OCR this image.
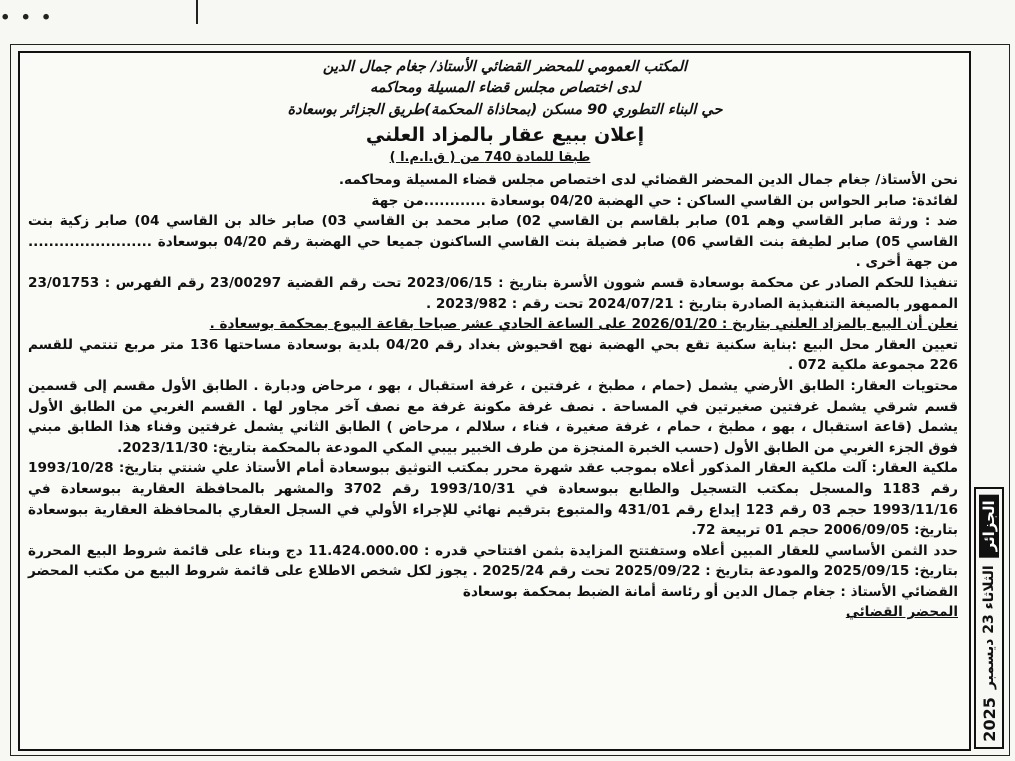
...
المكتب العمومي للمحضر القضائي الأستاذ/ جغام جمال الدين
لدى اختصاص مجلس قضاء المسيلة ومحاكمه
حي البناء التطوري 90 مسكن (بمحاذاة المحكمة)طريق الجزائر بوسعادة
إعلان ببيع عقار بالمزاد العلني
طبقا للمادة 740 من ( ق.ا.م.ا )

نحن الأستاذ/ جغام جمال الدين المحضر القضائي لدى اختصاص مجلس قضاء المسيلة ومحاكمه.

لفائدة: صابر الحواس بن القاسي الساكن : حي الهضبة 04/20 بوسعادة ............من جهة

ضد : ورثة صابر القاسي وهم 01) صابر بلقاسم بن القاسي 02) صابر محمد بن القاسي 03) صابر خالد بن القاسي 04) صابر زكية بنت القاسي 05) صابر لطيفة بنت القاسي 06) صابر فضيلة بنت القاسي الساكنون جميعا حي الهضبة رقم 04/20 ببوسعادة ........................ من جهة أخرى .

تنفيذا للحكم الصادر عن محكمة بوسعادة قسم شوون الأسرة بتاريخ : 2023/06/15 تحت رقم القضية 23/00297 رقم الفهرس : 23/01753 الممهور بالصيغة التنفيذية الصادرة بتاريخ : 2024/07/21 تحت رقم : 2023/982 .

نعلن أن البيع بالمزاد العلني بتاريخ : 2026/01/20 على الساعة الحادي عشر صباحا بقاعة البيوع بمحكمة بوسعادة .

تعيين العقار محل البيع :بناية سكنية تقع بحي الهضبة نهج اقحيوش بغداد رقم 04/20 بلدية بوسعادة مساحتها 136 متر مربع تنتمي للقسم 226 مجموعة ملكية 072 .

محتويات العقار: الطابق الأرضي يشمل (حمام ، مطبخ ، غرفتين ، غرفة استقبال ، بهو ، مرحاض ودبارة . الطابق الأول مقسم إلى قسمين قسم شرقي يشمل غرفتين صغيرتين في المساحة . نصف غرفة مكونة غرفة مع نصف آخر مجاور لها . القسم الغربي من الطابق الأول يشمل (قاعة استقبال ، بهو ، مطبخ ، حمام ، غرفة صغيرة ، فناء ، سلالم ، مرحاض ) الطابق الثاني يشمل غرفتين وفناء هذا الطابق مبني فوق الجزء الغربي من الطابق الأول (حسب الخبرة المنجزة من طرف الخبير بيبي المكي المودعة بالمحكمة بتاريخ: 2023/11/30.

ملكية العقار: آلت ملكية العقار المذكور أعلاه بموجب عقد شهرة محرر بمكتب التوثيق ببوسعادة أمام الأستاذ علي شنتي بتاريخ: 1993/10/28 رقم 1183 والمسجل بمكتب التسجيل والطابع ببوسعادة في 1993/10/31 رقم 3702 والمشهر بالمحافظة العقارية ببوسعادة في 1993/11/16 حجم 03 رقم 123 إيداع رقم 431/01 والمتبوع بترقيم نهائي للإجراء الأولي في السجل العقاري بالمحافظة العقارية ببوسعادة بتاريخ: 2006/09/05 حجم 01 تربيعة 72.

حدد الثمن الأساسي للعقار المبين أعلاه وستفتتح المزايدة بثمن افتتاحي قدره : 11.424.000.00 دج وبناء على قائمة شروط البيع المحررة بتاريخ: 2025/09/15 والمودعة بتاريخ : 2025/09/22 تحت رقم 2025/24 . يجوز لكل شخص الاطلاع على قائمة شروط البيع من مكتب المحضر القضائي الأستاذ : جغام جمال الدين أو رئاسة أمانة الضبط بمحكمة بوسعادة

المحضر القضائي

الجزائر
الثلاثاء 23 ديسمبر
2025
